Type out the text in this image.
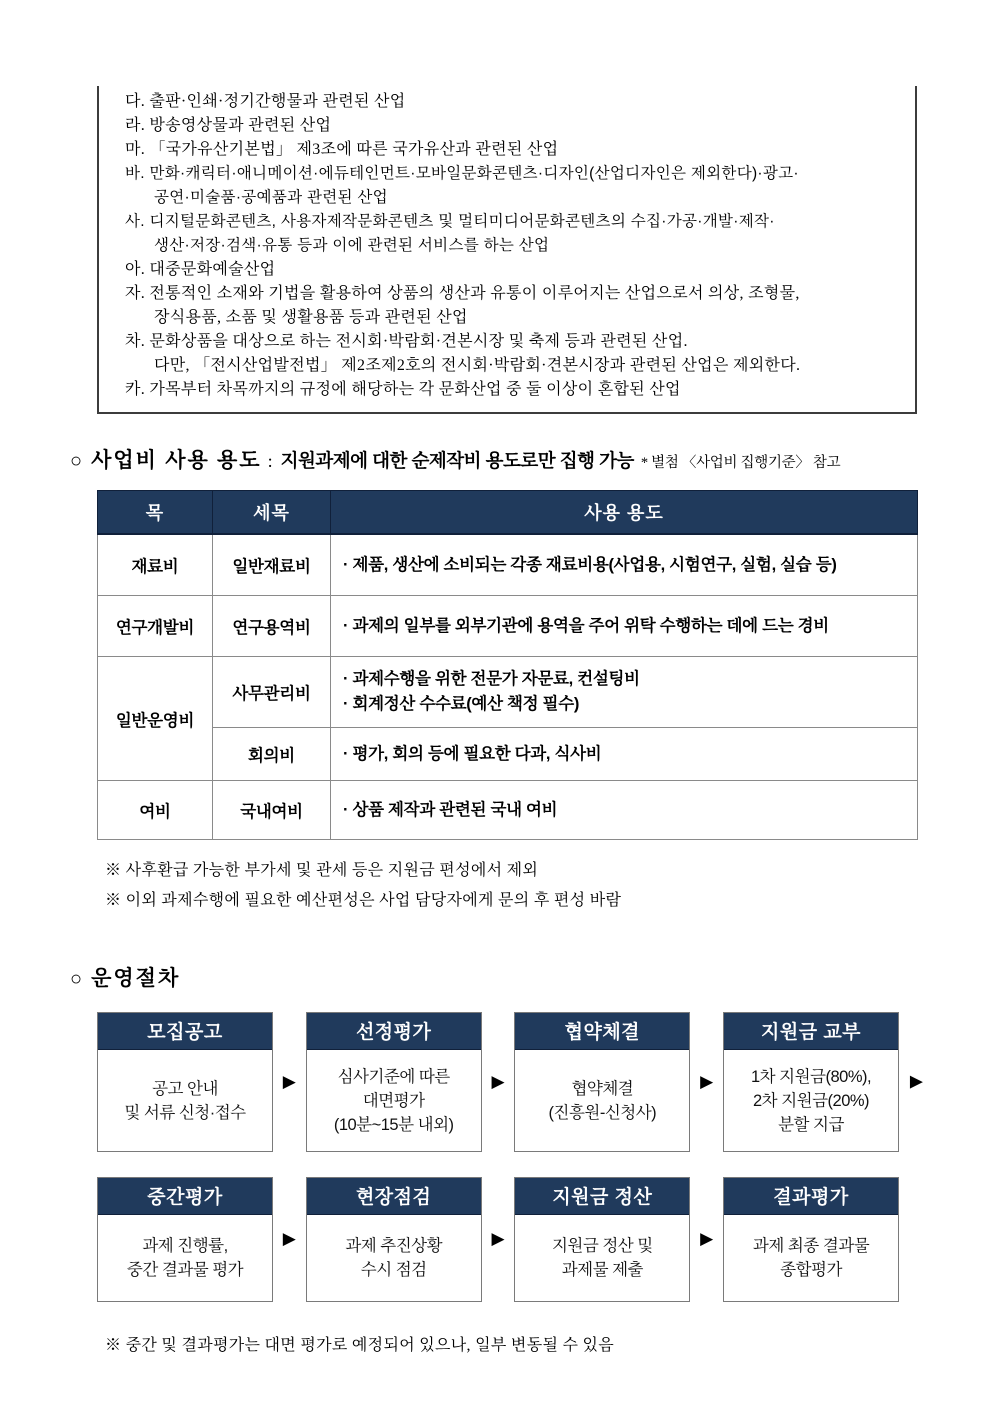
다. 출판·인쇄·정기간행물과 관련된 산업
라. 방송영상물과 관련된 산업
마. 「국가유산기본법」 제3조에 따른 국가유산과 관련된 산업
바. 만화·캐릭터·애니메이션·에듀테인먼트·모바일문화콘텐츠·디자인(산업디자인은 제외한다)·광고·
공연·미술품·공예품과 관련된 산업
사. 디지털문화콘텐츠, 사용자제작문화콘텐츠 및 멀티미디어문화콘텐츠의 수집·가공·개발·제작·
생산·저장·검색·유통 등과 이에 관련된 서비스를 하는 산업
아. 대중문화예술산업
자. 전통적인 소재와 기법을 활용하여 상품의 생산과 유통이 이루어지는 산업으로서 의상, 조형물,
장식용품, 소품 및 생활용품 등과 관련된 산업
차. 문화상품을 대상으로 하는 전시회·박람회·견본시장 및 축제 등과 관련된 산업.
다만, 「전시산업발전법」 제2조제2호의 전시회·박람회·견본시장과 관련된 산업은 제외한다.
카. 가목부터 차목까지의 규정에 해당하는 각 문화산업 중 둘 이상이 혼합된 산업
○ 사업비 사용 용도 : 지원과제에 대한 순제작비 용도로만 집행 가능 * 별첨 〈사업비 집행기준〉 참고
목	세목	사용 용도
재료비	일반재료비	· 제품, 생산에 소비되는 각종 재료비용(사업용, 시험연구, 실험, 실습 등)

연구개발비	연구용역비	· 과제의 일부를 외부기관에 용역을 주어 위탁 수행하는 데에 드는 경비

일반운영비	사무관리비	· 과제수행을 위한 전문가 자문료, 컨설팅비
· 회계정산 수수료(예산 책정 필수)

	회의비	· 평가, 회의 등에 필요한 다과, 식사비

여비	국내여비	· 상품 제작과 관련된 국내 여비
※ 사후환급 가능한 부가세 및 관세 등은 지원금 편성에서 제외
※ 이외 과제수행에 필요한 예산편성은 사업 담당자에게 문의 후 편성 바람
○ 운영절차
모집공고
공고 안내
및 서류 신청·접수
▶
선정평가
심사기준에 따른
대면평가
(10분~15분 내외)
▶
협약체결
협약체결
(진흥원-신청사)
▶
지원금 교부
1차 지원금(80%),
2차 지원금(20%)
분할 지급
▶
중간평가
과제 진행률,
중간 결과물 평가
▶
현장점검
과제 추진상황
수시 점검
▶
지원금 정산
지원금 정산 및
과제물 제출
▶
결과평가
과제 최종 결과물
종합평가
※ 중간 및 결과평가는 대면 평가로 예정되어 있으나, 일부 변동될 수 있음
